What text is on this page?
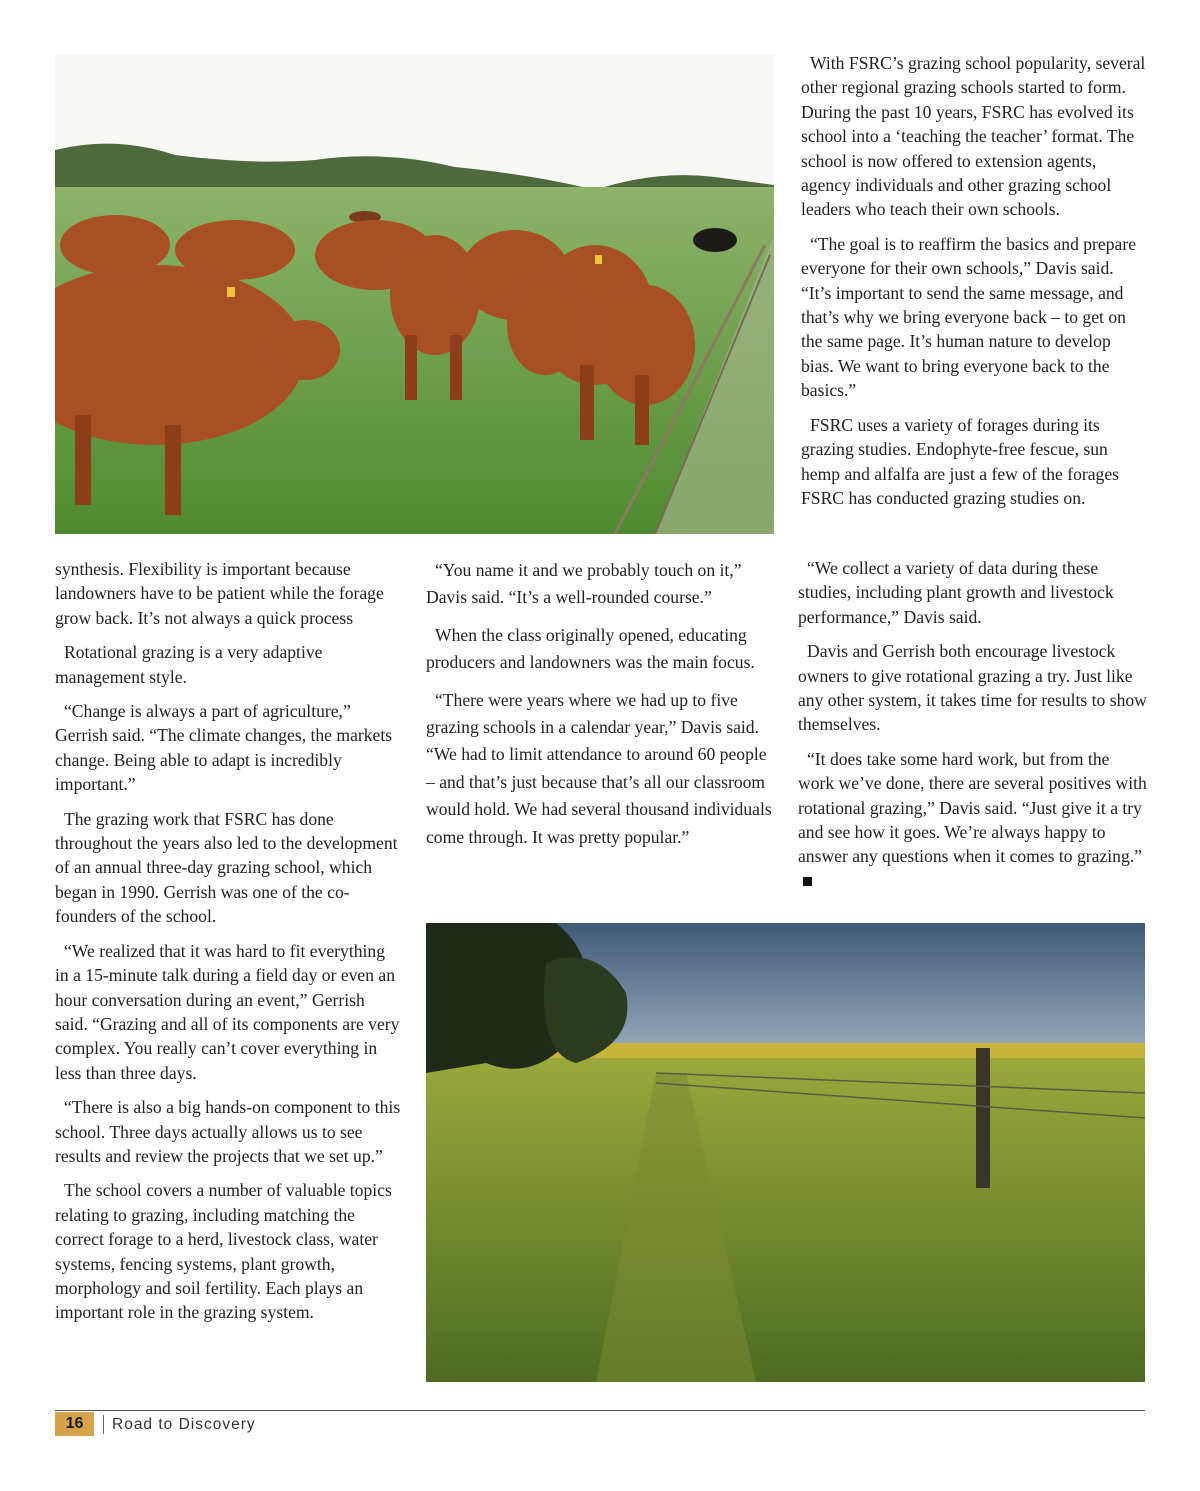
With FSRC’s grazing school popularity, several other regional grazing schools started to form. During the past 10 years, FSRC has evolved its school into a ‘teaching the teacher’ format. The school is now offered to extension agents, agency individuals and other grazing school leaders who teach their own schools.

“The goal is to reaffirm the basics and prepare everyone for their own schools,” Davis said. “It’s important to send the same message, and that’s why we bring everyone back – to get on the same page. It’s human nature to develop bias. We want to bring everyone back to the basics.”

FSRC uses a variety of forages during its grazing studies. Endophyte-free fescue, sun hemp and alfalfa are just a few of the forages FSRC has conducted grazing studies on.

synthesis. Flexibility is important because landowners have to be patient while the forage grow back. It’s not always a quick process

Rotational grazing is a very adaptive management style.

“Change is always a part of agriculture,” Gerrish said. “The climate changes, the markets change. Being able to adapt is incredibly important.”

The grazing work that FSRC has done throughout the years also led to the development of an annual three-day grazing school, which began in 1990. Gerrish was one of the co-founders of the school.

“We realized that it was hard to fit everything in a 15-minute talk during a field day or even an hour conversation during an event,” Gerrish said. “Grazing and all of its components are very complex. You really can’t cover everything in less than three days.

“There is also a big hands-on component to this school. Three days actually allows us to see results and review the projects that we set up.”

The school covers a number of valuable topics relating to grazing, including matching the correct forage to a herd, livestock class, water systems, fencing systems, plant growth, morphology and soil fertility. Each plays an important role in the grazing system.

“You name it and we probably touch on it,” Davis said. “It’s a well-rounded course.”

When the class originally opened, educating producers and landowners was the main focus.

“There were years where we had up to five grazing schools in a calendar year,” Davis said. “We had to limit attendance to around 60 people – and that’s just because that’s all our classroom would hold. We had several thousand individuals come through. It was pretty popular.”

“We collect a variety of data during these studies, including plant growth and livestock performance,” Davis said.

Davis and Gerrish both encourage livestock owners to give rotational grazing a try. Just like any other system, it takes time for results to show themselves.

“It does take some hard work, but from the work we’ve done, there are several positives with rotational grazing,” Davis said. “Just give it a try and see how it goes. We’re always happy to answer any questions when it comes to grazing.”

16	Road to Discovery
